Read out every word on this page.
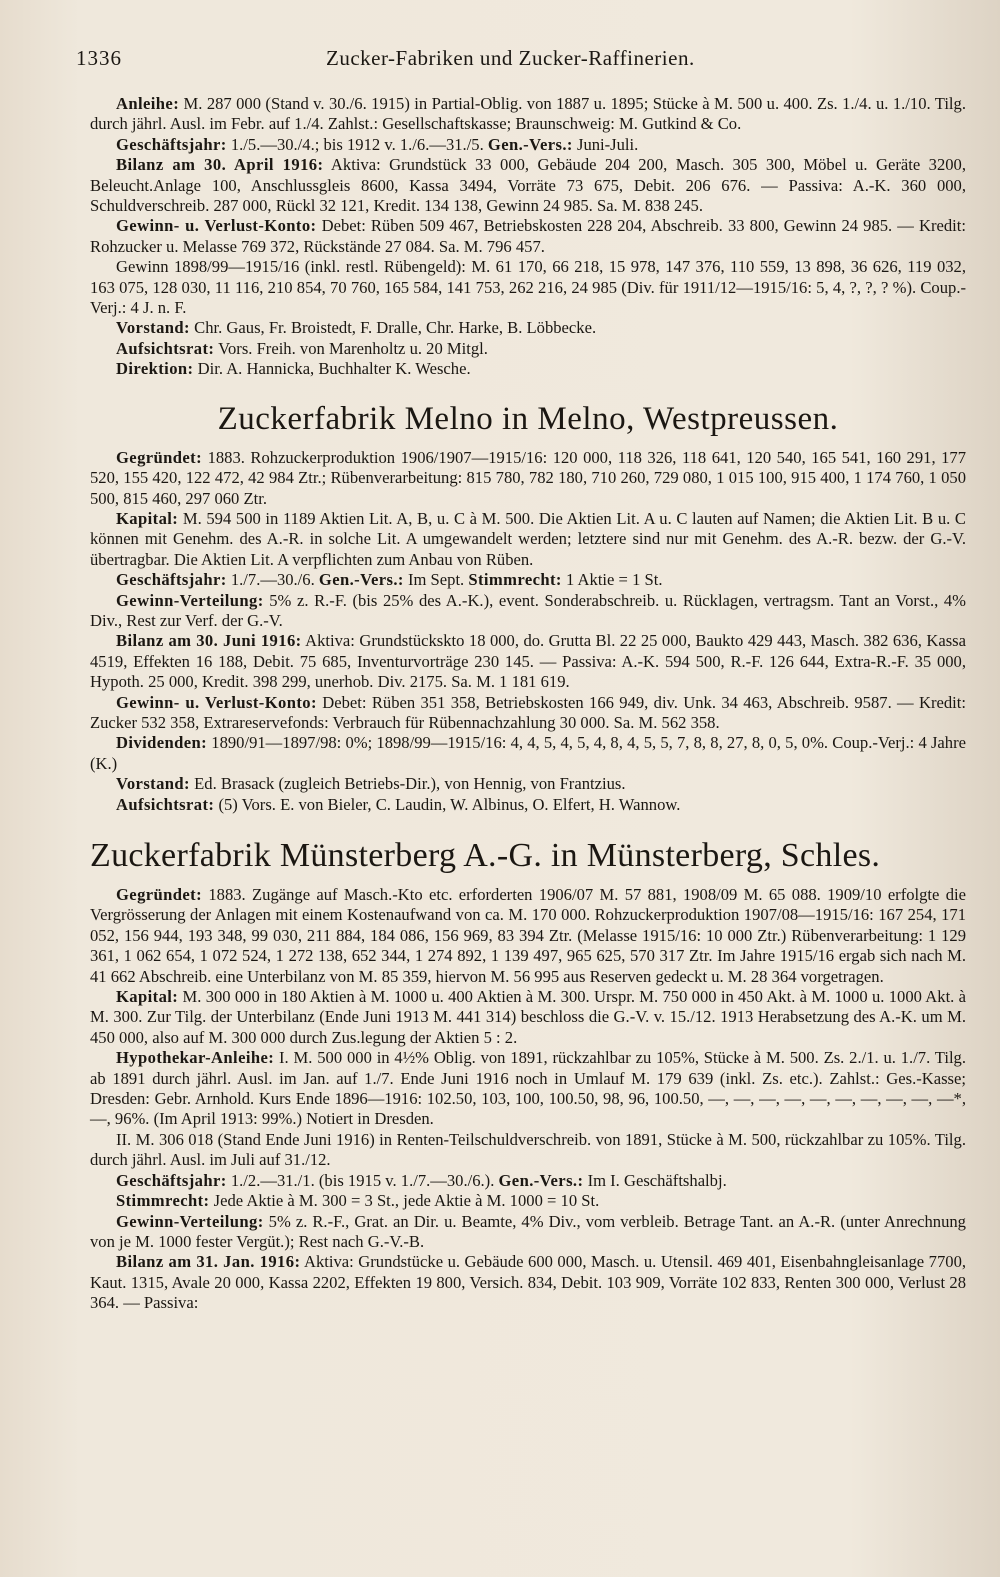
1336	Zucker-Fabriken und Zucker-Raffinerien.

Anleihe: M. 287 000 (Stand v. 30./6. 1915) in Partial-Oblig. von 1887 u. 1895; Stücke à M. 500 u. 400. Zs. 1./4. u. 1./10. Tilg. durch jährl. Ausl. im Febr. auf 1./4. Zahlst.: Gesellschaftskasse; Braunschweig: M. Gutkind & Co.

Geschäftsjahr: 1./5.—30./4.; bis 1912 v. 1./6.—31./5. Gen.-Vers.: Juni-Juli.

Bilanz am 30. April 1916: Aktiva: Grundstück 33 000, Gebäude 204 200, Masch. 305 300, Möbel u. Geräte 3200, Beleucht.Anlage 100, Anschlussgleis 8600, Kassa 3494, Vorräte 73 675, Debit. 206 676. — Passiva: A.-K. 360 000, Schuldverschreib. 287 000, Rückl 32 121, Kredit. 134 138, Gewinn 24 985. Sa. M. 838 245.

Gewinn- u. Verlust-Konto: Debet: Rüben 509 467, Betriebskosten 228 204, Abschreib. 33 800, Gewinn 24 985. — Kredit: Rohzucker u. Melasse 769 372, Rückstände 27 084. Sa. M. 796 457.

Gewinn 1898/99—1915/16 (inkl. restl. Rübengeld): M. 61 170, 66 218, 15 978, 147 376, 110 559, 13 898, 36 626, 119 032, 163 075, 128 030, 11 116, 210 854, 70 760, 165 584, 141 753, 262 216, 24 985 (Div. für 1911/12—1915/16: 5, 4, ?, ?, ? %). Coup.-Verj.: 4 J. n. F.

Vorstand: Chr. Gaus, Fr. Broistedt, F. Dralle, Chr. Harke, B. Löbbecke.

Aufsichtsrat: Vors. Freih. von Marenholtz u. 20 Mitgl.

Direktion: Dir. A. Hannicka, Buchhalter K. Wesche.

Zuckerfabrik Melno in Melno, Westpreussen.

Gegründet: 1883. Rohzuckerproduktion 1906/1907—1915/16: 120 000, 118 326, 118 641, 120 540, 165 541, 160 291, 177 520, 155 420, 122 472, 42 984 Ztr.; Rübenverarbeitung: 815 780, 782 180, 710 260, 729 080, 1 015 100, 915 400, 1 174 760, 1 050 500, 815 460, 297 060 Ztr.

Kapital: M. 594 500 in 1189 Aktien Lit. A, B, u. C à M. 500. Die Aktien Lit. A u. C lauten auf Namen; die Aktien Lit. B u. C können mit Genehm. des A.-R. in solche Lit. A umgewandelt werden; letztere sind nur mit Genehm. des A.-R. bezw. der G.-V. übertragbar. Die Aktien Lit. A verpflichten zum Anbau von Rüben.

Geschäftsjahr: 1./7.—30./6. Gen.-Vers.: Im Sept. Stimmrecht: 1 Aktie = 1 St.

Gewinn-Verteilung: 5% z. R.-F. (bis 25% des A.-K.), event. Sonderabschreib. u. Rücklagen, vertragsm. Tant an Vorst., 4% Div., Rest zur Verf. der G.-V.

Bilanz am 30. Juni 1916: Aktiva: Grundstückskto 18 000, do. Grutta Bl. 22 25 000, Baukto 429 443, Masch. 382 636, Kassa 4519, Effekten 16 188, Debit. 75 685, Inventurvorträge 230 145. — Passiva: A.-K. 594 500, R.-F. 126 644, Extra-R.-F. 35 000, Hypoth. 25 000, Kredit. 398 299, unerhob. Div. 2175. Sa. M. 1 181 619.

Gewinn- u. Verlust-Konto: Debet: Rüben 351 358, Betriebskosten 166 949, div. Unk. 34 463, Abschreib. 9587. — Kredit: Zucker 532 358, Extrareservefonds: Verbrauch für Rübennachzahlung 30 000. Sa. M. 562 358.

Dividenden: 1890/91—1897/98: 0%; 1898/99—1915/16: 4, 4, 5, 4, 5, 4, 8, 4, 5, 5, 7, 8, 8, 27, 8, 0, 5, 0%. Coup.-Verj.: 4 Jahre (K.)

Vorstand: Ed. Brasack (zugleich Betriebs-Dir.), von Hennig, von Frantzius.

Aufsichtsrat: (5) Vors. E. von Bieler, C. Laudin, W. Albinus, O. Elfert, H. Wannow.

Zuckerfabrik Münsterberg A.-G. in Münsterberg, Schles.

Gegründet: 1883. Zugänge auf Masch.-Kto etc. erforderten 1906/07 M. 57 881, 1908/09 M. 65 088. 1909/10 erfolgte die Vergrösserung der Anlagen mit einem Kostenaufwand von ca. M. 170 000. Rohzuckerproduktion 1907/08—1915/16: 167 254, 171 052, 156 944, 193 348, 99 030, 211 884, 184 086, 156 969, 83 394 Ztr. (Melasse 1915/16: 10 000 Ztr.) Rübenverarbeitung: 1 129 361, 1 062 654, 1 072 524, 1 272 138, 652 344, 1 274 892, 1 139 497, 965 625, 570 317 Ztr. Im Jahre 1915/16 ergab sich nach M. 41 662 Abschreib. eine Unterbilanz von M. 85 359, hiervon M. 56 995 aus Reserven gedeckt u. M. 28 364 vorgetragen.

Kapital: M. 300 000 in 180 Aktien à M. 1000 u. 400 Aktien à M. 300. Urspr. M. 750 000 in 450 Akt. à M. 1000 u. 1000 Akt. à M. 300. Zur Tilg. der Unterbilanz (Ende Juni 1913 M. 441 314) beschloss die G.-V. v. 15./12. 1913 Herabsetzung des A.-K. um M. 450 000, also auf M. 300 000 durch Zus.legung der Aktien 5 : 2.

Hypothekar-Anleihe: I. M. 500 000 in 4½% Oblig. von 1891, rückzahlbar zu 105%, Stücke à M. 500. Zs. 2./1. u. 1./7. Tilg. ab 1891 durch jährl. Ausl. im Jan. auf 1./7. Ende Juni 1916 noch in Umlauf M. 179 639 (inkl. Zs. etc.). Zahlst.: Ges.-Kasse; Dresden: Gebr. Arnhold. Kurs Ende 1896—1916: 102.50, 103, 100, 100.50, 98, 96, 100.50, —, —, —, —, —, —, —, —, —, —*, —, 96%. (Im April 1913: 99%.) Notiert in Dresden.

II. M. 306 018 (Stand Ende Juni 1916) in Renten-Teilschuldverschreib. von 1891, Stücke à M. 500, rückzahlbar zu 105%. Tilg. durch jährl. Ausl. im Juli auf 31./12.

Geschäftsjahr: 1./2.—31./1. (bis 1915 v. 1./7.—30./6.). Gen.-Vers.: Im I. Geschäftshalbj.

Stimmrecht: Jede Aktie à M. 300 = 3 St., jede Aktie à M. 1000 = 10 St.

Gewinn-Verteilung: 5% z. R.-F., Grat. an Dir. u. Beamte, 4% Div., vom verbleib. Betrage Tant. an A.-R. (unter Anrechnung von je M. 1000 fester Vergüt.); Rest nach G.-V.-B.

Bilanz am 31. Jan. 1916: Aktiva: Grundstücke u. Gebäude 600 000, Masch. u. Utensil. 469 401, Eisenbahngleisanlage 7700, Kaut. 1315, Avale 20 000, Kassa 2202, Effekten 19 800, Versich. 834, Debit. 103 909, Vorräte 102 833, Renten 300 000, Verlust 28 364. — Passiva:
